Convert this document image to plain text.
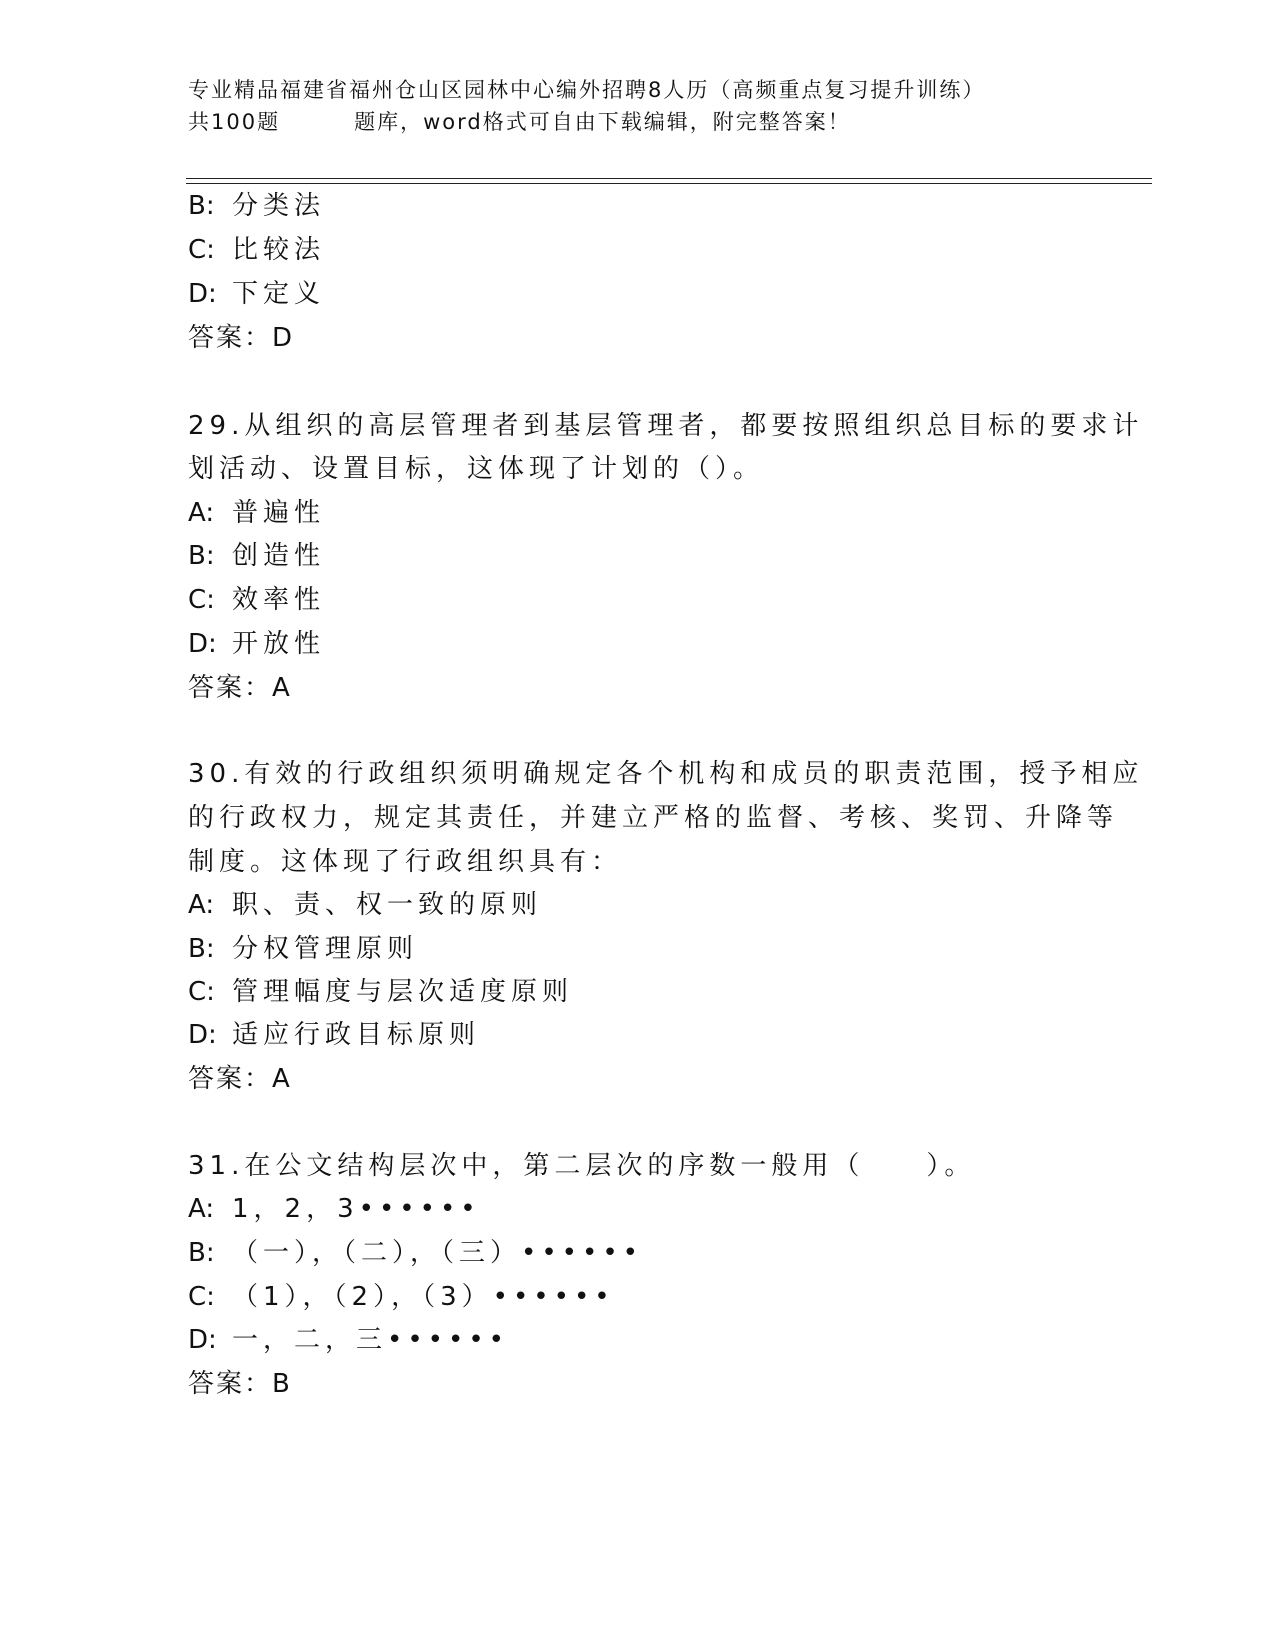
专业精品福建省福州仓山区园林中心编外招聘8人历（高频重点复习提升训练）
共100题	题库，word格式可自由下载编辑，附完整答案！
B: 分类法
C: 比较法
D: 下定义
答案：D
29.从组织的高层管理者到基层管理者，都要按照组织总目标的要求计
划活动、设置目标，这体现了计划的（）。
A: 普遍性
B: 创造性
C: 效率性
D: 开放性
答案：A
30.有效的行政组织须明确规定各个机构和成员的职责范围，授予相应
的行政权力，规定其责任，并建立严格的监督、考核、奖罚、升降等
制度。这体现了行政组织具有：
A: 职、责、权一致的原则
B: 分权管理原则
C: 管理幅度与层次适度原则
D: 适应行政目标原则
答案：A
31.在公文结构层次中，第二层次的序数一般用（　　）。
A: 1，2，3••••••
B: （一），（二），（三）••••••
C: （1），（2），（3）••••••
D: 一，二，三••••••
答案：B
